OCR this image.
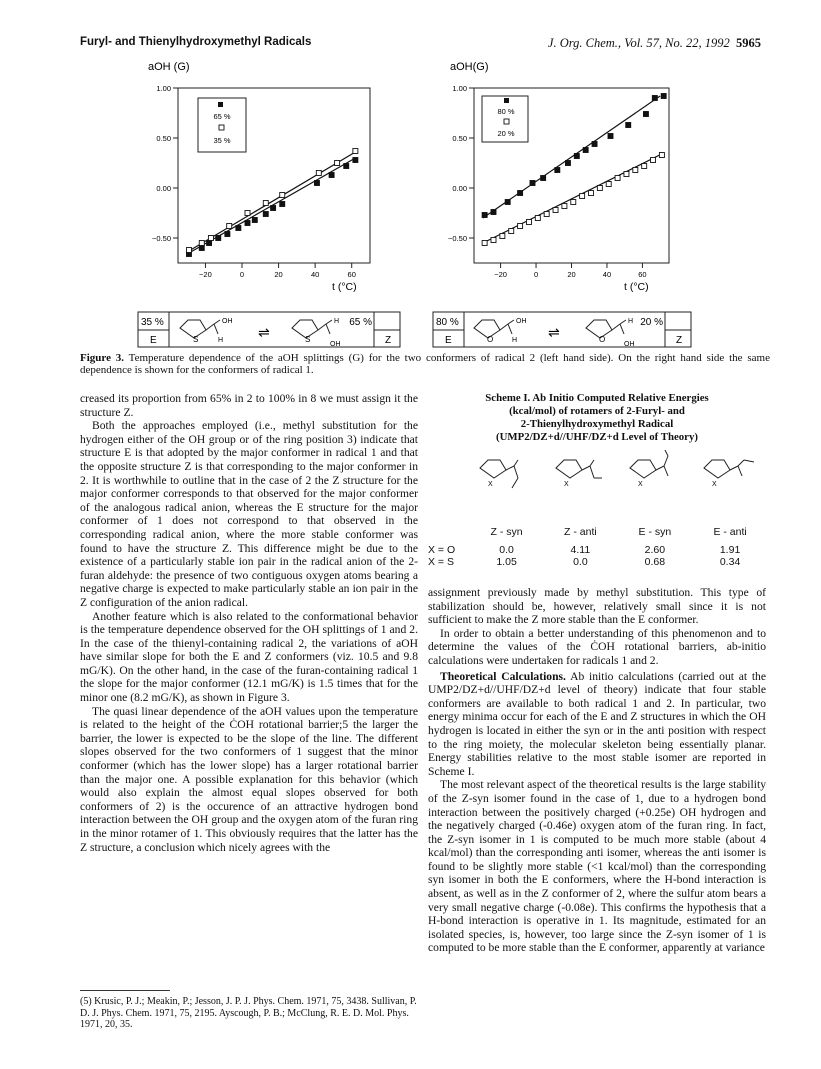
Furyl- and Thienylhydroxymethyl Radicals	J. Org. Chem., Vol. 57, No. 22, 1992 5965
aOH (G)
t (°C)
65 %
35 %
1.00
0.50
0.00
−0.50
−20	0	20	40	60
aOH(G)
t (°C)
80 %
20 %
1.00
0.50
0.00
−0.50
−20	0	20	40	60
35 %
E
65 %
Z
S
OH
H
⇌	S
H
OH
80 %
E
20 %
Z
O
OH
H
⇌	O
H
OH
Figure 3. Temperature dependence of the aOH splittings (G) for the two conformers of radical 2 (left hand side). On the right hand side the same dependence is shown for the conformers of radical 1.

creased its proportion from 65% in 2 to 100% in 8 we must assign it the structure Z.

Both the approaches employed (i.e., methyl substitution for the hydrogen either of the OH group or of the ring position 3) indicate that structure E is that adopted by the major conformer in radical 1 and that the opposite structure Z is that corresponding to the major conformer in 2. It is worthwhile to outline that in the case of 2 the Z structure for the major conformer corresponds to that observed for the major conformer of the analogous radical anion, whereas the E structure for the major conformer of 1 does not correspond to that observed in the corresponding radical anion, where the more stable conformer was found to have the structure Z. This difference might be due to the existence of a particularly stable ion pair in the radical anion of the 2-furan aldehyde: the presence of two contiguous oxygen atoms bearing a negative charge is expected to make particularly stable an ion pair in the Z configuration of the anion radical.

Another feature which is also related to the conformational behavior is the temperature dependence observed for the OH splittings of 1 and 2. In the case of the thienyl-containing radical 2, the variations of aOH have similar slope for both the E and Z conformers (viz. 10.5 and 9.8 mG/K). On the other hand, in the case of the furan-containing radical 1 the slope for the major conformer (12.1 mG/K) is 1.5 times that for the minor one (8.2 mG/K), as shown in Figure 3.

The quasi linear dependence of the aOH values upon the temperature is related to the height of the ĊOH rotational barrier;5 the larger the barrier, the lower is expected to be the slope of the line. The different slopes observed for the two conformers of 1 suggest that the minor conformer (which has the lower slope) has a larger rotational barrier than the major one. A possible explanation for this behavior (which would also explain the almost equal slopes observed for both conformers of 2) is the occurence of an attractive hydrogen bond interaction between the OH group and the oxygen atom of the furan ring in the minor rotamer of 1. This obviously requires that the latter has the Z structure, a conclusion which nicely agrees with the

(5) Krusic, P. J.; Meakin, P.; Jesson, J. P. J. Phys. Chem. 1971, 75, 3438. Sullivan, P. D. J. Phys. Chem. 1971, 75, 2195. Ayscough, P. B.; McClung, R. E. D. Mol. Phys. 1971, 20, 35.
Scheme I. Ab Initio Computed Relative Energies
(kcal/mol) of rotamers of 2-Furyl- and
2-Thienylhydroxymethyl Radical
(UMP2/DZ+d//UHF/DZ+d Level of Theory)
X	X	X	X
	Z - syn	Z - anti	E - syn	E - anti

X = O	0.0	4.11	2.60	1.91
X = S	1.05	0.0	0.68	0.34

assignment previously made by methyl substitution. This type of stabilization should be, however, relatively small since it is not sufficient to make the Z more stable than the E conformer.

In order to obtain a better understanding of this phenomenon and to determine the values of the ĊOH rotational barriers, ab-initio calculations were undertaken for radicals 1 and 2.

Theoretical Calculations. Ab initio calculations (carried out at the UMP2/DZ+d//UHF/DZ+d level of theory) indicate that four stable conformers are available to both radical 1 and 2. In particular, two energy minima occur for each of the E and Z structures in which the OH hydrogen is located in either the syn or in the anti position with respect to the ring moiety, the molecular skeleton being essentially planar. Energy stabilities relative to the most stable isomer are reported in Scheme I.

The most relevant aspect of the theoretical results is the large stability of the Z-syn isomer found in the case of 1, due to a hydrogen bond interaction between the positively charged (+0.25e) OH hydrogen and the negatively charged (-0.46e) oxygen atom of the furan ring. In fact, the Z-syn isomer in 1 is computed to be much more stable (about 4 kcal/mol) than the corresponding anti isomer, whereas the anti isomer is found to be slightly more stable (<1 kcal/mol) than the corresponding syn isomer in both the E conformers, where the H-bond interaction is absent, as well as in the Z conformer of 2, where the sulfur atom bears a very small negative charge (-0.08e). This confirms the hypothesis that a H-bond interaction is operative in 1. Its magnitude, estimated for an isolated species, is, however, too large since the Z-syn isomer of 1 is computed to be more stable than the E conformer, apparently at variance
